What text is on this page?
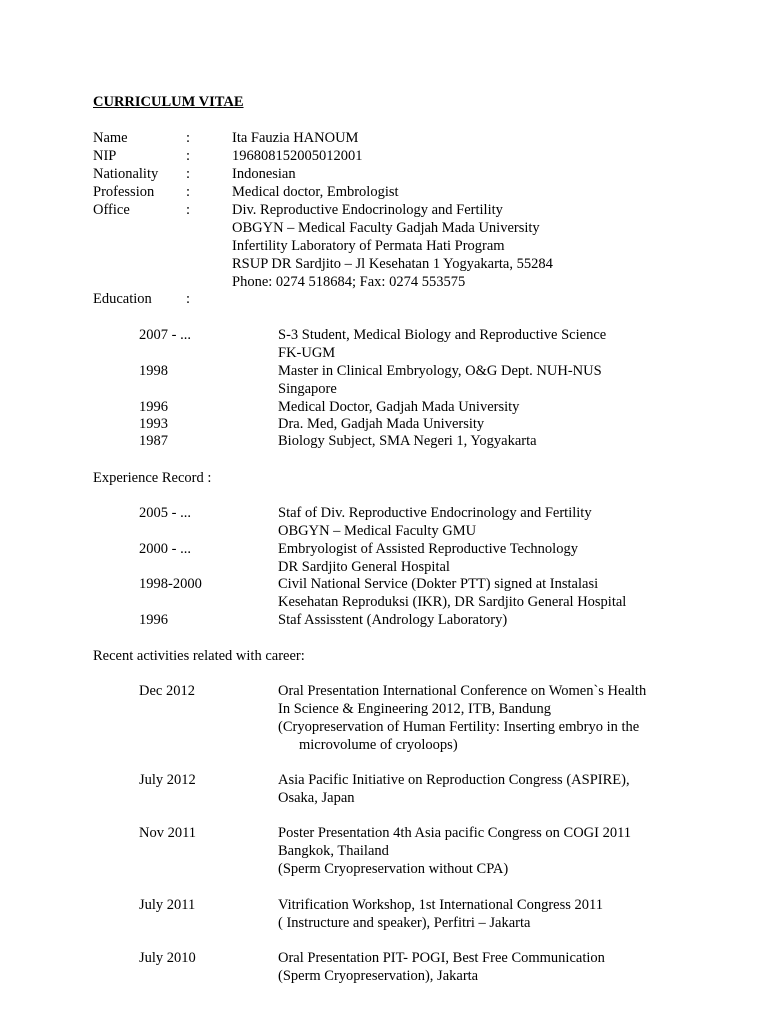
CURRICULUM VITAE
Name	:	Ita Fauzia HANOUM
NIP	:	196808152005012001
Nationality :	Indonesian
Profession :	Medical doctor, Embrologist
Office	:	Div. Reproductive Endocrinology and Fertility
OBGYN – Medical Faculty Gadjah Mada University
Infertility Laboratory of Permata Hati Program
RSUP DR Sardjito – Jl Kesehatan 1 Yogyakarta, 55284
Phone: 0274 518684; Fax: 0274 553575
Education :
2007 - ...	S-3 Student, Medical Biology and Reproductive Science
FK-UGM
1998	Master in Clinical Embryology, O&G Dept. NUH-NUS
Singapore
1996	Medical Doctor, Gadjah Mada University
1993	Dra. Med, Gadjah Mada University
1987	Biology Subject, SMA Negeri 1, Yogyakarta
Experience Record :
2005 - ...	Staf of Div. Reproductive Endocrinology and Fertility
OBGYN – Medical Faculty GMU
2000 - ...	Embryologist of Assisted Reproductive Technology
DR Sardjito General Hospital
1998-2000	Civil National Service (Dokter PTT) signed at Instalasi
Kesehatan Reproduksi (IKR), DR Sardjito General Hospital
1996	Staf Assisstent (Andrology Laboratory)
Recent activities related with career:
Dec 2012	Oral Presentation International Conference on Women`s Health
In Science & Engineering 2012, ITB, Bandung
(Cryopreservation of Human Fertility: Inserting embryo in the
microvolume of cryoloops)
July 2012	Asia Pacific Initiative on Reproduction Congress (ASPIRE),
Osaka, Japan
Nov 2011	Poster Presentation 4th Asia pacific Congress on COGI 2011
Bangkok, Thailand
(Sperm Cryopreservation without CPA)
July 2011	Vitrification Workshop, 1st International Congress 2011
( Instructure and speaker), Perfitri – Jakarta
July 2010	Oral Presentation PIT- POGI, Best Free Communication
(Sperm Cryopreservation), Jakarta
